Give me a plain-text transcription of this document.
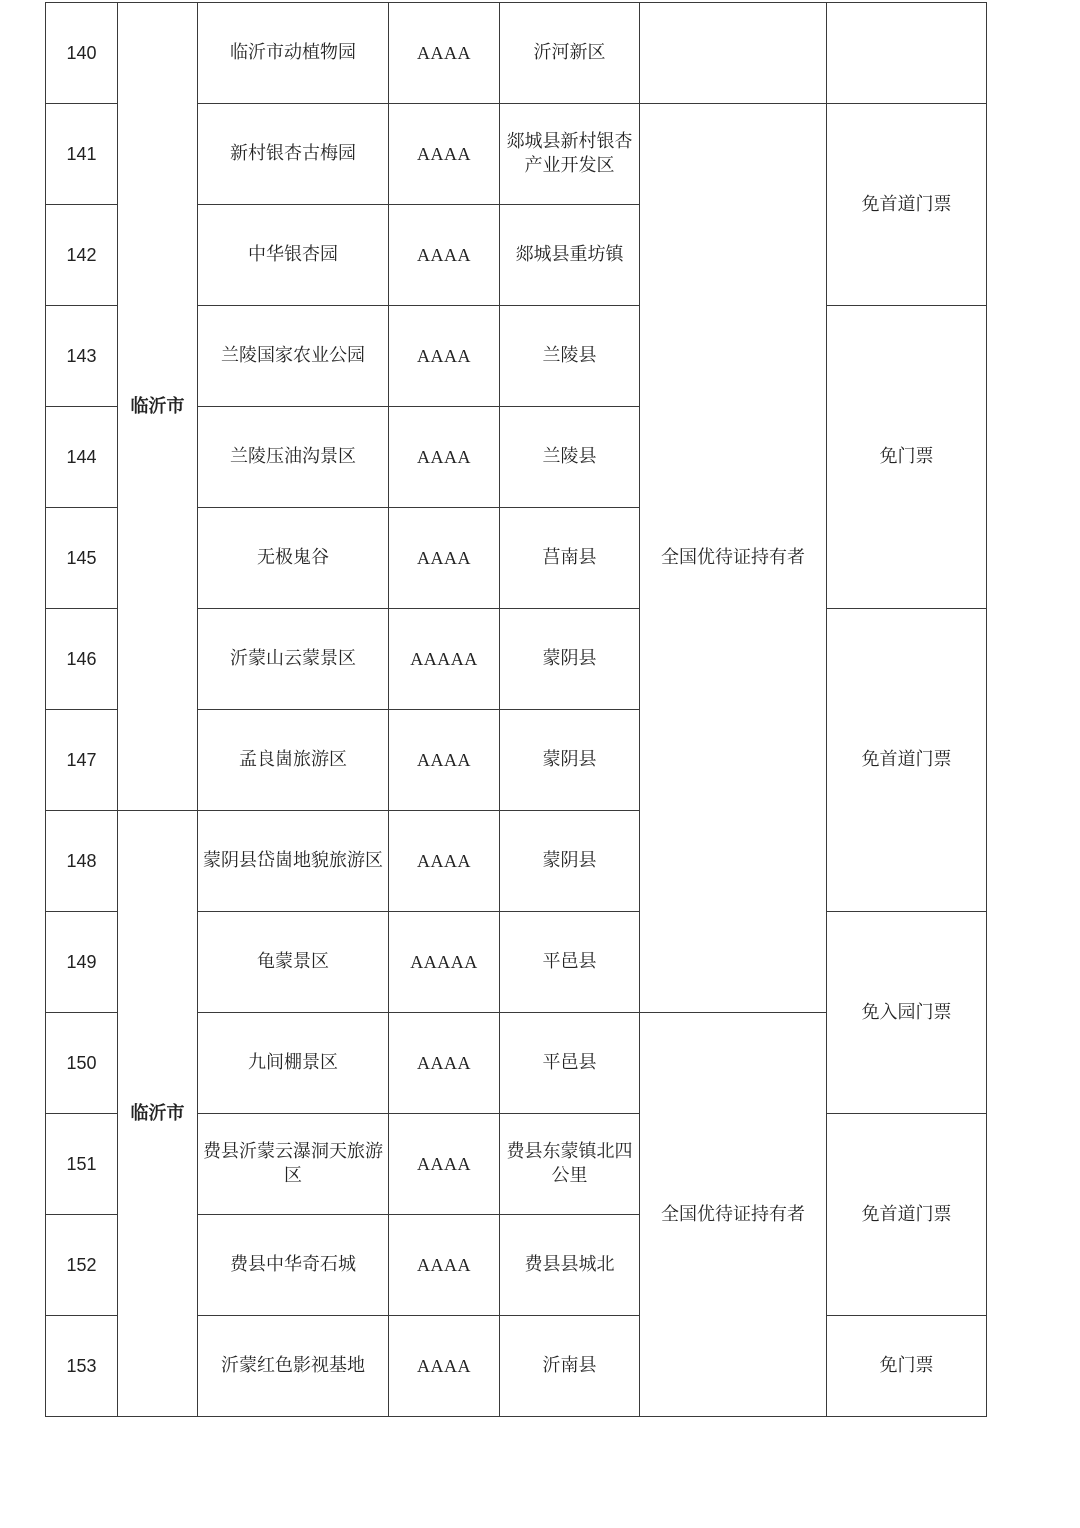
140	临沂市	临沂市动植物园	AAAA	沂河新区		
141		新村银杏古梅园	AAAA	郯城县新村银杏产业开发区	全国优待证持有者	免首道门票
142		中华银杏园	AAAA	郯城县重坊镇		
143		兰陵国家农业公园	AAAA	兰陵县		免门票
144		兰陵压油沟景区	AAAA	兰陵县		
145		无极鬼谷	AAAA	莒南县		
146		沂蒙山云蒙景区	AAAAA	蒙阴县		免首道门票
147		孟良崮旅游区	AAAA	蒙阴县		
148	临沂市	蒙阴县岱崮地貌旅游区	AAAA	蒙阴县		
149		龟蒙景区	AAAAA	平邑县		免入园门票
150		九间棚景区	AAAA	平邑县	全国优待证持有者	
151		费县沂蒙云瀑洞天旅游区	AAAA	费县东蒙镇北四公里		免首道门票
152		费县中华奇石城	AAAA	费县县城北		
153		沂蒙红色影视基地	AAAA	沂南县		免门票
